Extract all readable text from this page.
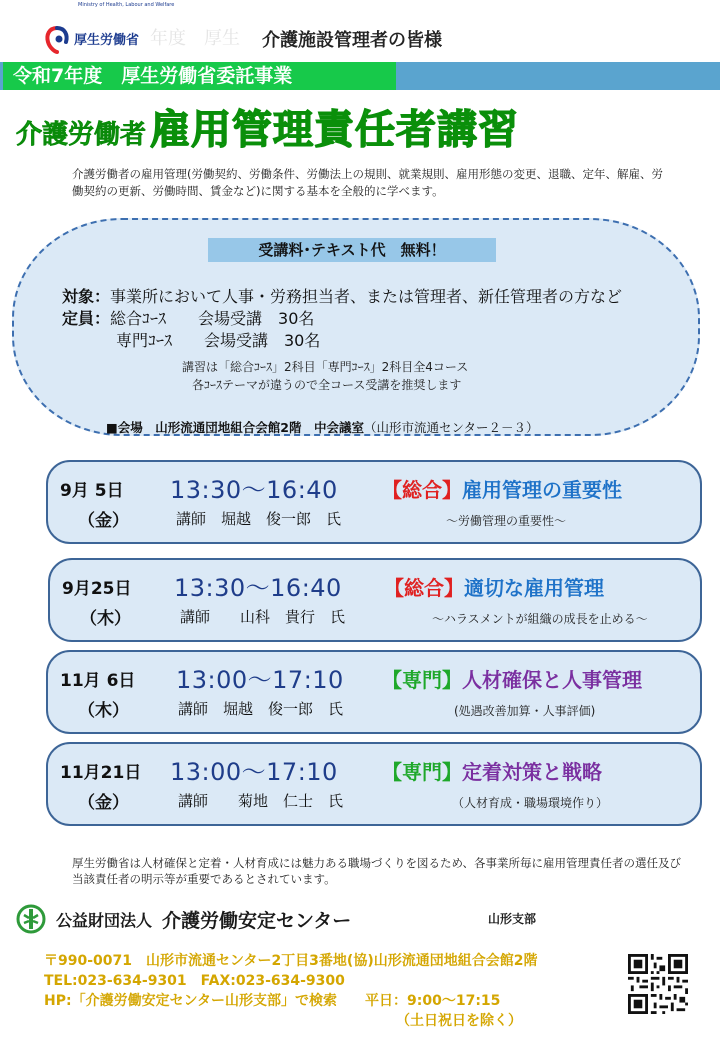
厚生労働省
Ministry of Health, Labour and Welfare
年度　厚生 介護施設管理者の皆様
令和7年度　厚生労働省委託事業
介護労働者 雇用管理責任者講習
介護労働者の雇用管理(労働契約、労働条件、労働法上の規則、就業規則、雇用形態の変更、退職、定年、解雇、労働契約の更新、労働時間、賃金など)に関する基本を全般的に学べます。
受講料･テキスト代　無料！
対象：事業所において人事・労務担当者、または管理者、新任管理者の方など
定員：総合ｺｰｽ　　会場受講　30名
専門ｺｰｽ　　会場受講　30名
講習は「総合ｺｰｽ」2科目「専門ｺｰｽ」2科目全4コース
各ｺｰｽテーマが違うので全コース受講を推奨します
■会場　山形流通団地組合会館2階　中会議室（山形市流通センター２－３）
9月 5日
（金）
13:30〜16:40
講師　堀越　俊一郎　氏
【総合】雇用管理の重要性
～労働管理の重要性～
9月25日
（木）
13:30〜16:40
講師　　山科　貴行　氏
【総合】適切な雇用管理
～ハラスメントが組織の成長を止める～
11月 6日
（木）
13:00〜17:10
講師　堀越　俊一郎　氏
【専門】人材確保と人事管理
(処遇改善加算・人事評価)
11月21日
（金）
13:00〜17:10
講師　　菊地　仁士　氏
【専門】定着対策と戦略
（人材育成・職場環境作り）
厚生労働省は人材確保と定着・人材育成には魅力ある職場づくりを図るため、各事業所毎に雇用管理責任者の選任及び当該責任者の明示等が重要であるとされています。
公益財団法人 介護労働安定センター	山形支部
〒990-0071　山形市流通センター2丁目3番地(協)山形流通団地組合会館2階
TEL:023-634-9301　FAX:023-634-9300
HP:「介護労働安定センター山形支部」で検索　　平日：9:00～17:15
（土日祝日を除く）
